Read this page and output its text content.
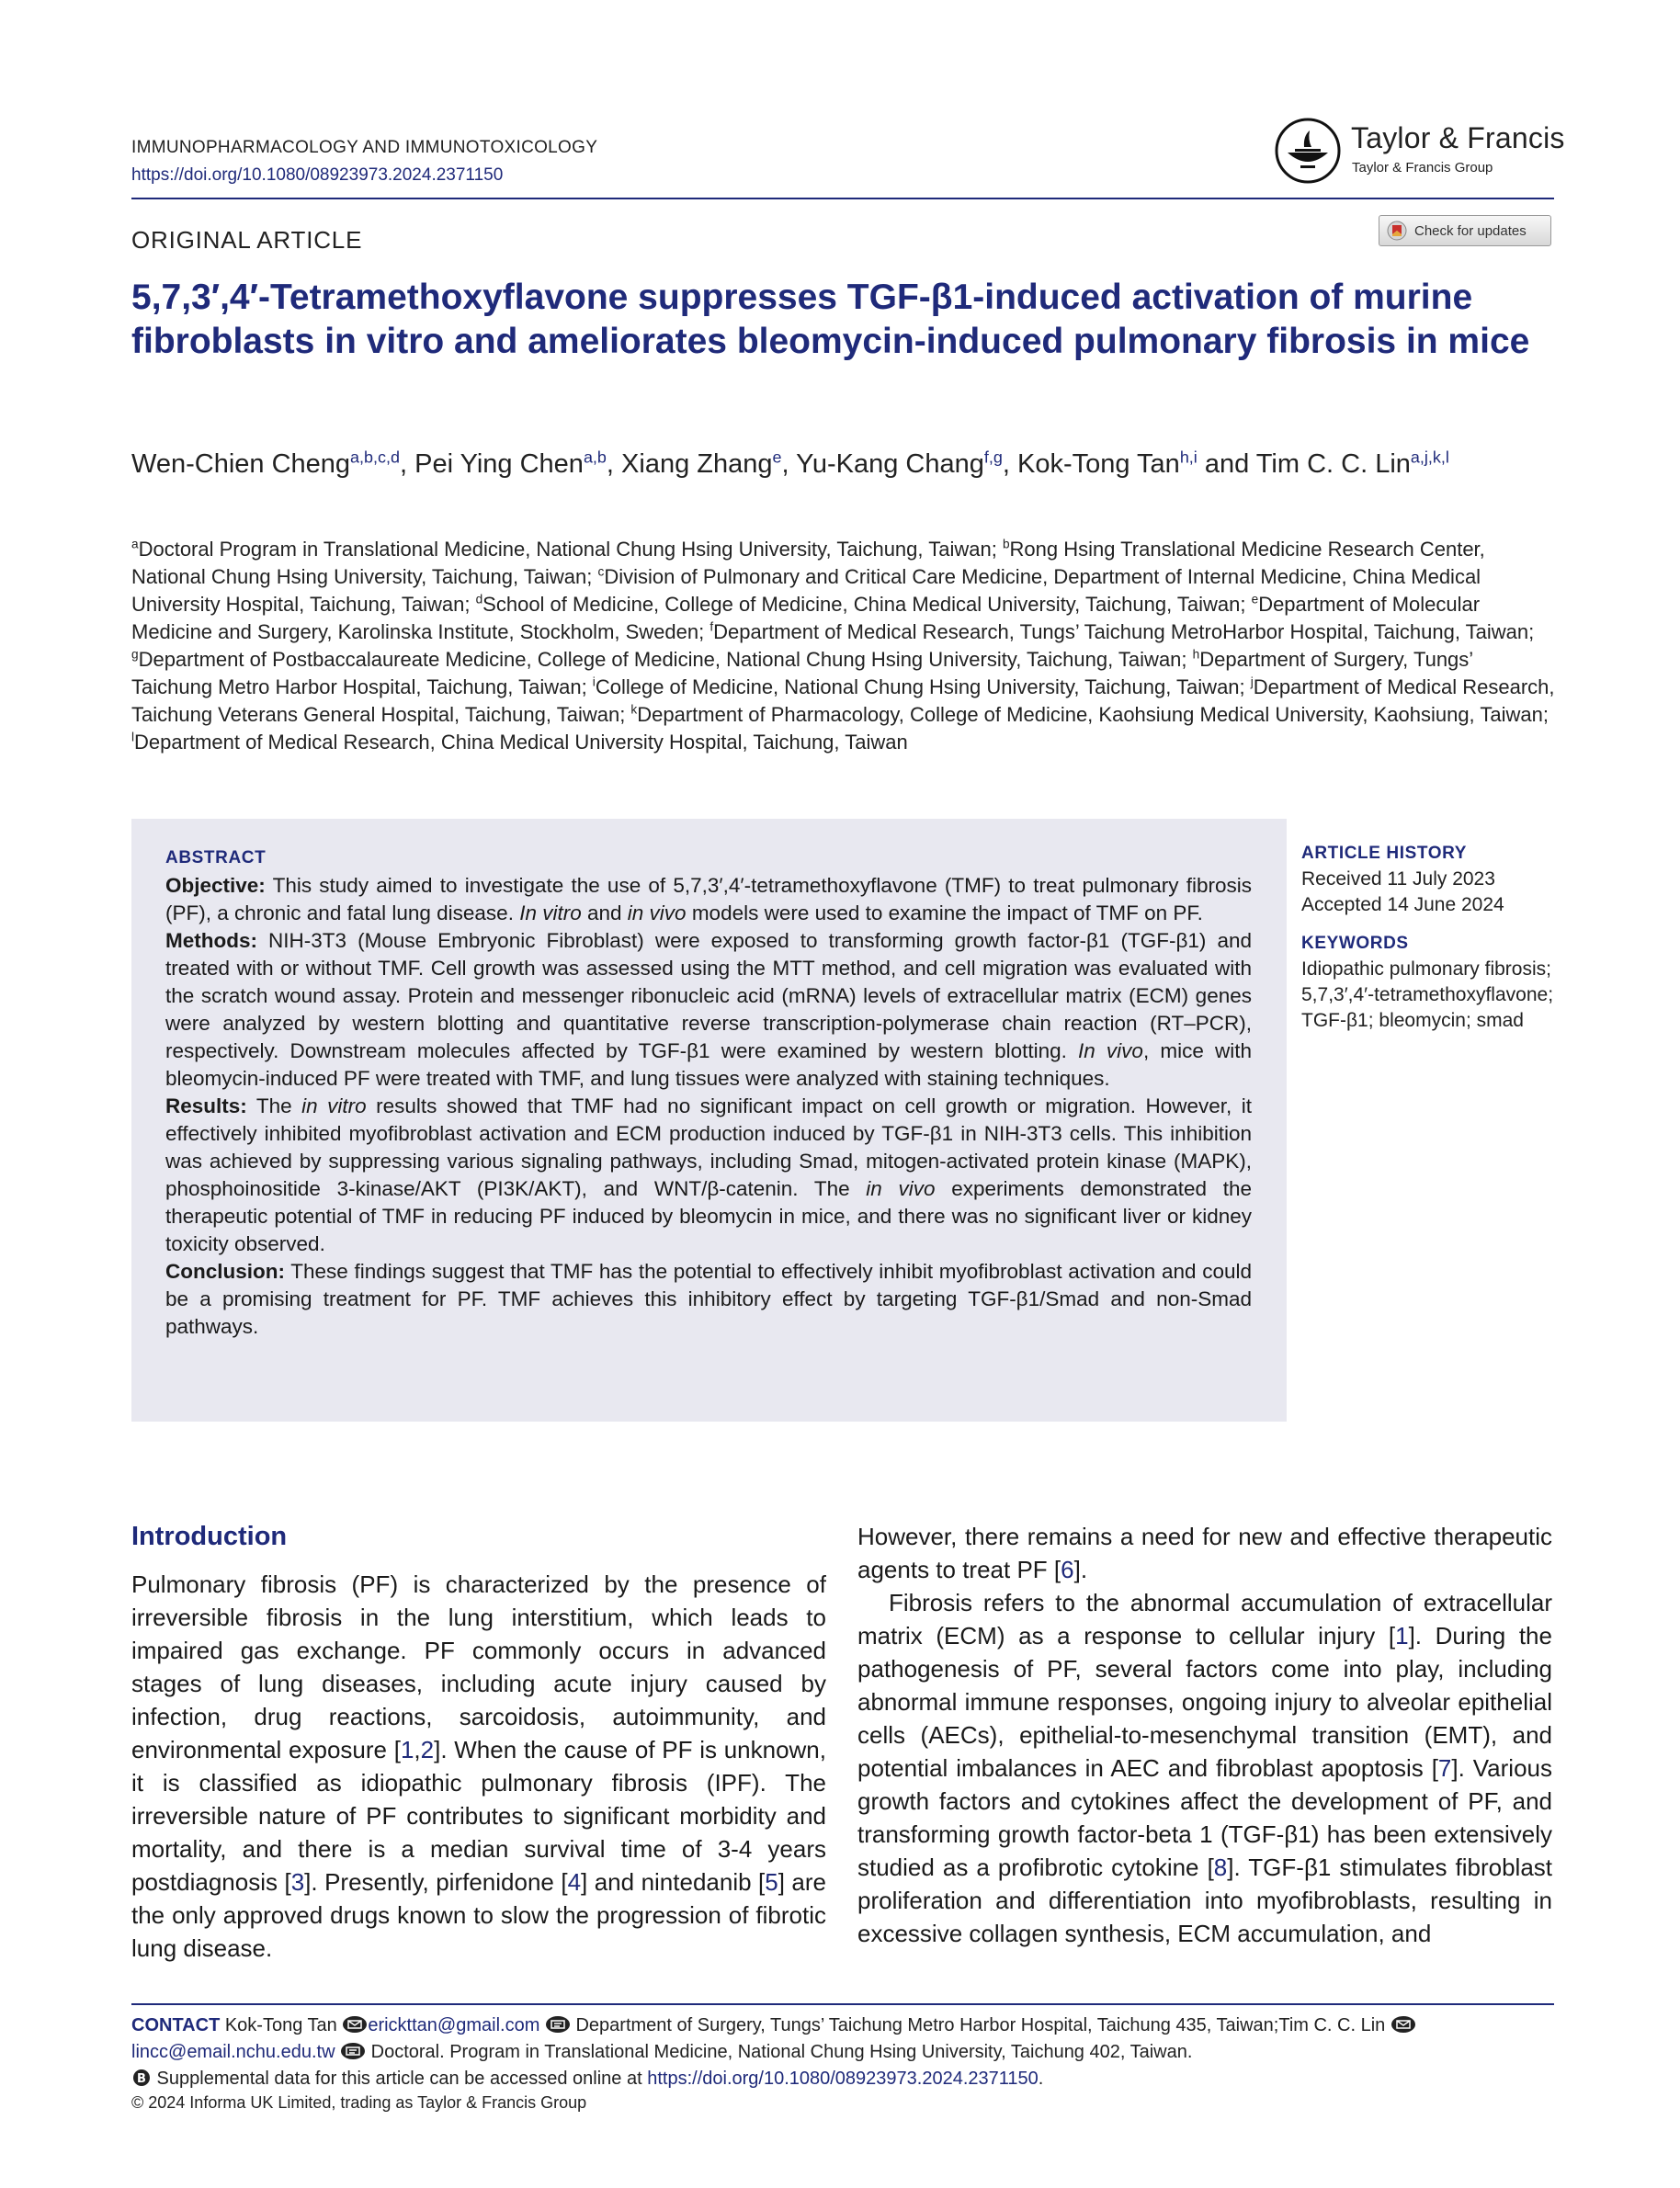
IMMUNOPHARMACOLOGY AND IMMUNOTOXICOLOGY
https://doi.org/10.1080/08923973.2024.2371150
Taylor & Francis
Taylor & Francis Group
ORIGINAL ARTICLE	Check for updates
5,7,3′,4′-Tetramethoxyflavone suppresses TGF-β1-induced activation of murine fibroblasts in vitro and ameliorates bleomycin-induced pulmonary fibrosis in mice
Wen-Chien Cheng$^{a,b,c,d}$, Pei Ying Chen$^{a,b}$, Xiang Zhang$^e$, Yu-Kang Chang$^{f,g}$, Kok-Tong Tan$^{h,i}$ and Tim C. C. Lin$^{a,j,k,l}$
$^a$Doctoral Program in Translational Medicine, National Chung Hsing University, Taichung, Taiwan; $^b$Rong Hsing Translational Medicine Research Center, National Chung Hsing University, Taichung, Taiwan; $^c$Division of Pulmonary and Critical Care Medicine, Department of Internal Medicine, China Medical University Hospital, Taichung, Taiwan; $^d$School of Medicine, College of Medicine, China Medical University, Taichung, Taiwan; $^e$Department of Molecular Medicine and Surgery, Karolinska Institute, Stockholm, Sweden; $^f$Department of Medical Research, Tungs’ Taichung MetroHarbor Hospital, Taichung, Taiwan; $^g$Department of Postbaccalaureate Medicine, College of Medicine, National Chung Hsing University, Taichung, Taiwan; $^h$Department of Surgery, Tungs’ Taichung Metro Harbor Hospital, Taichung, Taiwan; $^i$College of Medicine, National Chung Hsing University, Taichung, Taiwan; $^j$Department of Medical Research, Taichung Veterans General Hospital, Taichung, Taiwan; $^k$Department of Pharmacology, College of Medicine, Kaohsiung Medical University, Kaohsiung, Taiwan; $^l$Department of Medical Research, China Medical University Hospital, Taichung, Taiwan
ABSTRACT
Objective: This study aimed to investigate the use of 5,7,3′,4′-tetramethoxyflavone (TMF) to treat pulmonary fibrosis (PF), a chronic and fatal lung disease. In vitro and in vivo models were used to examine the impact of TMF on PF.
Methods: NIH-3T3 (Mouse Embryonic Fibroblast) were exposed to transforming growth factor-β1 (TGF-β1) and treated with or without TMF. Cell growth was assessed using the MTT method, and cell migration was evaluated with the scratch wound assay. Protein and messenger ribonucleic acid (mRNA) levels of extracellular matrix (ECM) genes were analyzed by western blotting and quantitative reverse transcription-polymerase chain reaction (RT–PCR), respectively. Downstream molecules affected by TGF-β1 were examined by western blotting. In vivo, mice with bleomycin-induced PF were treated with TMF, and lung tissues were analyzed with staining techniques.
Results: The in vitro results showed that TMF had no significant impact on cell growth or migration. However, it effectively inhibited myofibroblast activation and ECM production induced by TGF-β1 in NIH-3T3 cells. This inhibition was achieved by suppressing various signaling pathways, including Smad, mitogen-activated protein kinase (MAPK), phosphoinositide 3-kinase/AKT (PI3K/AKT), and WNT/β-catenin. The in vivo experiments demonstrated the therapeutic potential of TMF in reducing PF induced by bleomycin in mice, and there was no significant liver or kidney toxicity observed.
Conclusion: These findings suggest that TMF has the potential to effectively inhibit myofibroblast activation and could be a promising treatment for PF. TMF achieves this inhibitory effect by targeting TGF-β1/Smad and non-Smad pathways.
ARTICLE HISTORY
Received 11 July 2023
Accepted 14 June 2024
KEYWORDS
Idiopathic pulmonary fibrosis; 5,7,3′,4′-tetramethoxyflavone; TGF-β1; bleomycin; smad
Introduction

Pulmonary fibrosis (PF) is characterized by the presence of irreversible fibrosis in the lung interstitium, which leads to impaired gas exchange. PF commonly occurs in advanced stages of lung diseases, including acute injury caused by infection, drug reactions, sarcoidosis, autoimmunity, and environmental exposure [1,2]. When the cause of PF is unknown, it is classified as idiopathic pulmonary fibrosis (IPF). The irreversible nature of PF contributes to significant morbidity and mortality, and there is a median survival time of 3-4 years postdiagnosis [3]. Presently, pirfenidone [4] and nintedanib [5] are the only approved drugs known to slow the progression of fibrotic lung disease.

However, there remains a need for new and effective therapeutic agents to treat PF [6].

Fibrosis refers to the abnormal accumulation of extracellular matrix (ECM) as a response to cellular injury [1]. During the pathogenesis of PF, several factors come into play, including abnormal immune responses, ongoing injury to alveolar epithelial cells (AECs), epithelial-to-mesenchymal transition (EMT), and potential imbalances in AEC and fibroblast apoptosis [7]. Various growth factors and cytokines affect the development of PF, and transforming growth factor-beta 1 (TGF-β1) has been extensively studied as a profibrotic cytokine [8]. TGF-β1 stimulates fibroblast proliferation and differentiation into myofibroblasts, resulting in excessive collagen synthesis, ECM accumulation, and

CONTACT Kok-Tong Tan erickttan@gmail.com  Department of Surgery, Tungs’ Taichung Metro Harbor Hospital, Taichung 435, Taiwan;Tim C. C. Lin
lincc@email.nchu.edu.tw  Doctoral. Program in Translational Medicine, National Chung Hsing University, Taichung 402, Taiwan.
B Supplemental data for this article can be accessed online at https://doi.org/10.1080/08923973.2024.2371150.
© 2024 Informa UK Limited, trading as Taylor & Francis Group
